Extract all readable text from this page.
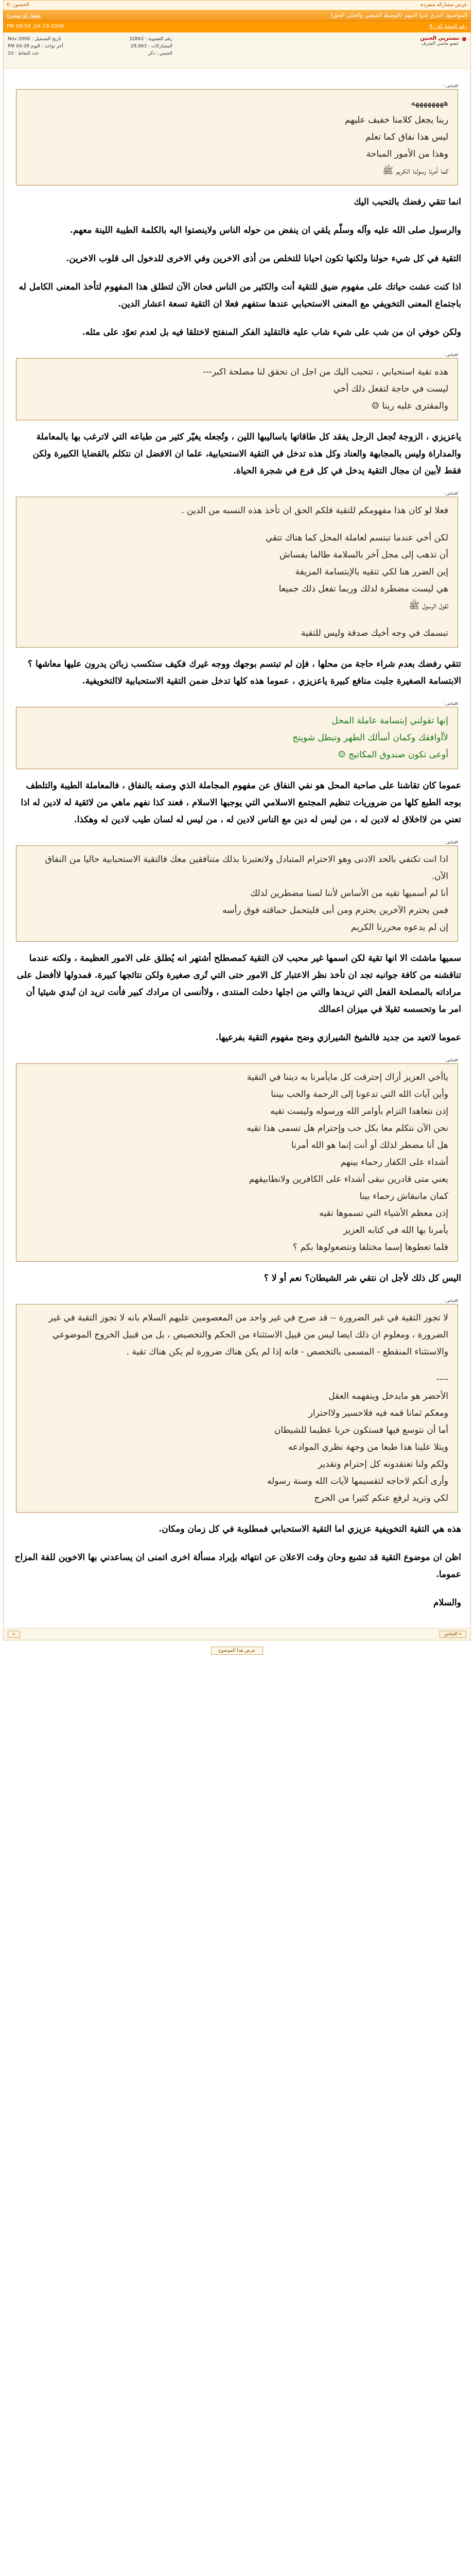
عرض مشاركة منفردة
الحضور: 0
المواضيع: اندري لدوا المهم (الوسط الشعبي والحلي الحق)
مشاركة مميزة
رقم المشاركة : 4
04-19-2006, 06:56 PM
مستربي الحنين
عضو ماسي الشرف
رقم العضوية : 32862
تاريخ التسجيل : Nov 2006
المشاركات : 29,963
آخر تواجد : اليوم 04:39 PM
الجنس : ذكر
عدد النقاط : 10
اقتباس :
ههههههههه
ربنا يجعل كلامنا خفيف عليهم
ليس هذا نفاق كما تعلم
وهذا من الأمور المباحة
كما أمرنا رسولنا الكريم ﷺ
انما تتقي رفضك بالتحبب اليك
والرسول صلى الله عليه وآله وسلّم يلقي ان ينفض من حوله الناس ولاينصتوا اليه بالكلمة الطيبة اللينة معهم.
التقية في كل شيء حولنا ولكنها تكون احيانا للتخلص من أذى الاخرين وفي الاخرى للدخول الى قلوب الاخرين.
اذا كنت عشت حياتك على مفهوم ضيق للتقية أنت والكثير من الناس فحان الآن لتطلق هذا المفهوم لتأخذ المعنى الكامل له باجتماع المعنى التخويفي مع المعنى الاستحبابي عندها ستفهم فعلا ان التقية تسعة اعشار الدين.
ولكن خوفي ان من شب على شيء شاب عليه فالتقليد الفكر المنفتح لاختلقا فيه بل لعدم تعوّد على مثله.
اقتباس :
هذه تقية استحبابي ، تتحبب اليك من اجل ان تحقق لنا مصلحة اكبر---
ليست في حاجة لتفعل ذلك أخي
والمقترى عليه ربنا ☺
ياعزيزي ، الزوجة تُجعل الرجل يفقد كل طاقاتها باساليبها اللين ، وتُجعله يغيّر كثير من طباعه التي لاترغب بها بالمعاملة والمداراة وليس بالمجابهة والعناد وكل هذه تدخل في التقية الاستحبابية، علما ان الافضل ان نتكلم بالقضايا الكبيرة ولكن فقط لأبين ان مجال التقية يدخل في كل فرع في شجرة الحياة.
اقتباس :
فعلا لو كان هذا مفهومكم للتقية فلكم الحق ان تأخذ هذه النسبه من الدين .
لكن أخي عندما تبتسم لعاملة المحل كما هناك تتقي
أن تذهب إلى محل آخر بالسلامة طالما يفساش
إين الضرر هنا لكي تتقيه بالإبتسامة المزيفة
هي ليست مضطرة لذلك وربما تفعل ذلك جميعا
لقول الرسول ﷺ
تبسمك في وجه أخيك صدقة وليس للتقية
تتقي رفضك بعدم شراء حاجة من محلها ، فإن لم تبتسم بوجهك ووجه غيرك فكيف ستكسب زبائن يدرون عليها معاشها ؟ الابتسامة الصغيرة جلبت منافع كبيرة ياعزيزي ، عموما هذه كلها تدخل ضمن التقية الاستحبابية لاالتخويفية.
اقتباس :
إنها تقولني إبتسامة عاملة المحل
لأأوافقك وكمان أسألك الطهر وتبطل شويتج
أوعى تكون صندوق المكاتيج ☺
عموما كان تقاشنا على صاحبة المحل هو نفي النفاق عن مفهوم المجاملة الذي وصفه بالنفاق ، فالمعاملة الطيبة والتلطف بوجه الطبع كلها من ضروريات تنظيم المجتمع الاسلامي التي يوجبها الاسلام ، فعند كذا نفهم ماهي من لائقية له لادين له اذا تعني من لااخلاق له لادين له ، من ليس له دين مع الناس لادين له ، من ليس له لسان طيب لادين له وهكذا.
اقتباس :
اذا انت تكتفي بالحد الادنى وهو الاحترام المتبادل ولاتعتبرنا بذلك متنافقين معك فالتقية الاستحبابية حاليا من النفاق الآن.
أنا لم أسميها تقيه من الأساس لأننا لسنا مضطرين لذلك
فمن يحترم الآخرين يحترم ومن أبى فليتحمل حماقته فوق رأسه
إن لم يدعوه محررنا الكريم
سميها ماشئت الا انها تقية لكن اسمها غير محبب لان التقية كمصطلح أشتهر انه يُطلق على الامور العظيمة ، ولكنه عندما تناقشنه من كافة جوانبه تجد ان تأخذ نظر الاعتبار كل الامور حتى التي تُرى صغيرة ولكن نتائجها كبيرة. فمدولها لاأفضل على مراداته بالمصلحة الفعل التي تريدها والتي من اجلها دخلت المنتدى ، ولاأنسى ان مرادك كبير فأنت تريد ان تُبدي شيئيا أن امر ما وتحسسه ثقيلا في ميزان اعمالك
عموما لاتعيد من جديد فالشيخ الشيرازي وضح مفهوم التقية بفرعيها.
اقتباس :
ياأخي العزيز أراك إحترقت كل مايأمرنا به ديننا في التقية
وأين آيات الله التي تدعونا إلى الرحمة والحب بيننا
إذن نتعاهدا التزام بأوامر الله ورسوله وليست تقيه
نحن الآن نتكلم معا بكل حب وإحترام هل تسمى هذا تقيه
هل أنا مضطر لذلك أو أنت إنما هو الله أمرنا
أشداء على الكفار رحماء بينهم
يعني متى قادرين نبقى أشداء على الكافرين ولانطابيقهم
كمان مانبقاش رحماء بينا
إذن معظم الأشياء التي تسموها تقيه
يأمرنا بها الله في كتابه العزيز
فلما تعطوها إسما مختلفا وتتضعولوها بكم ؟
اليس كل ذلك لأجل ان نتقي شر الشيطان؟ نعم أو لا ؟
اقتباس :
لا تجوز التقية في غير الضرورة -- قد صرح في غير واحد من المعصومين عليهم السلام بانه لا تجوز التقية في غير الضرورة ، ومعلوم ان ذلك ايضا ليس من قبيل الاستثناء من الحكم والتخصيص ، بل من قبيل الخروج الموضوعي والاستثناء المنقطع - المسمى بالتخصص - فانه إذا لم يكن هناك ضرورة لم يكن هناك تقية .
----
الأحضر هو مايدخل وينفهمه العقل
ومعكم ثمانا قمه فيه فلاحسير ولااحترار
أما أن نتوسع فيها فستكون حربا عظيما للشيطان
ويتلا علينا هذا طبعا من وجهة نظري الموادعه
ولكم ولنا تعتقدونه كل إحترام وتقدير
وأرى أنكم لاحاجه لتقسيمها لآيات الله وسنة رسوله
لكي وتريد لرفع عنكم كثيرا من الحرج
هذه هي التقية التخويفية عزيزي اما التقية الاستحبابي فمطلوبة في كل زمان ومكان.
اظن ان موضوع التقية قد تشبع وحان وقت الاعلان عن انتهائه بإيراد مسألة اخرى اتمنى ان يساعدني بها الاخوين للفة المزاح عموما.
والسلام
« اقتباس
»
عرض هذا الموضوع
